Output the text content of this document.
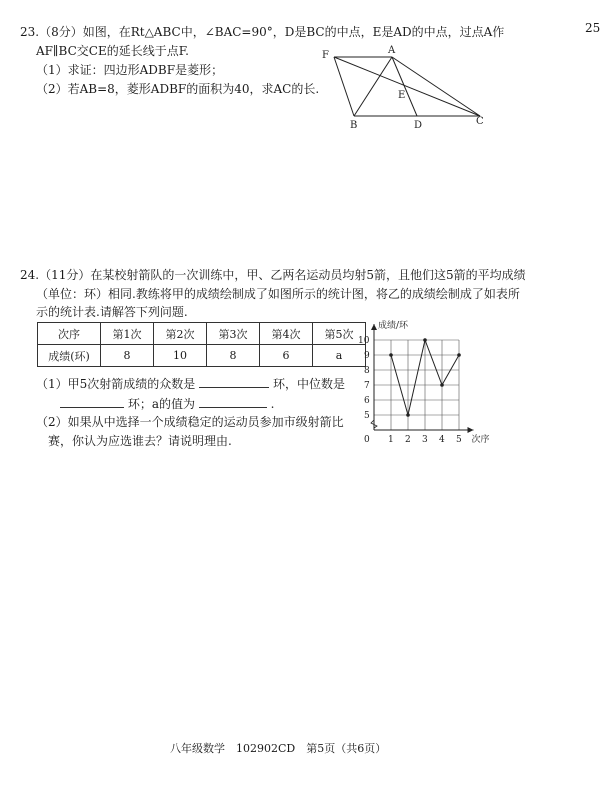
25
23.（8分）如图，在Rt△ABC中，∠BAC=90°，D是BC的中点，E是AD的中点，过点A作
AF∥BC交CE的延长线于点F.
（1）求证：四边形ADBF是菱形；
（2）若AB=8，菱形ADBF的面积为40，求AC的长.
F	A
E
B	D	C
24.（11分）在某校射箭队的一次训练中，甲、乙两名运动员均射5箭，且他们这5箭的平均成绩
（单位：环）相同.教练将甲的成绩绘制成了如图所示的统计图，将乙的成绩绘制成了如表所
示的统计表.请解答下列问题.
次序	第1次	第2次	第3次	第4次	第5次
成绩(环)	8	10	8	6	a
（1）甲5次射箭成绩的众数是	环，中位数是
环；a的值为	.
（2）如果从中选择一个成绩稳定的运动员参加市级射箭比
赛，你认为应选谁去？请说明理由.	1 2 3 4 5
5
6
7
8
9
10
0
成绩/环
次序
八年级数学　102902CD　第5页（共6页）
